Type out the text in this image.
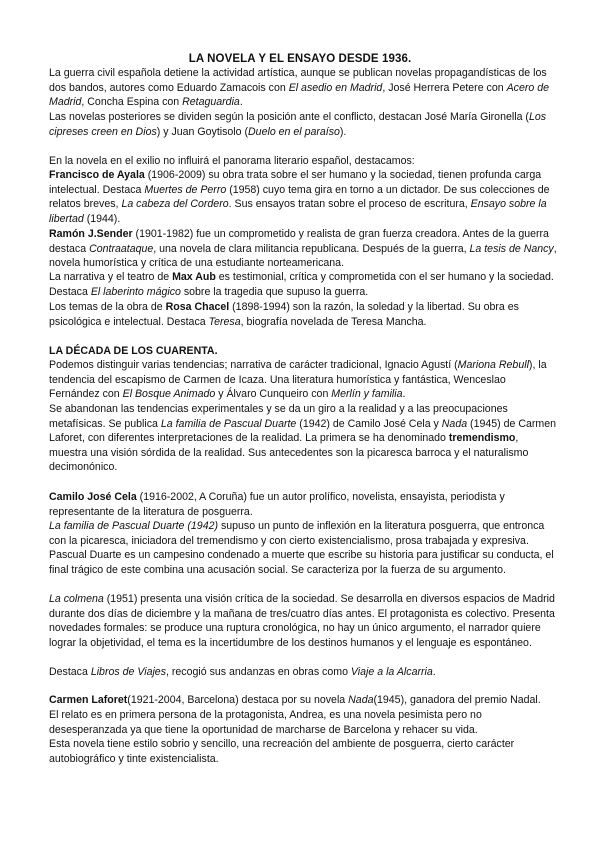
LA NOVELA Y EL ENSAYO DESDE 1936.

La guerra civil española detiene la actividad artística, aunque se publican novelas propagandísticas de los dos bandos, autores como Eduardo Zamacois con El asedio en Madrid, José Herrera Petere con Acero de Madrid, Concha Espina con Retaguardia.

Las novelas posteriores se dividen según la posición ante el conflicto, destacan José María Gironella (Los cipreses creen en Dios) y Juan Goytisolo (Duelo en el paraíso).

En la novela en el exilio no influirá el panorama literario español, destacamos:

Francisco de Ayala (1906-2009) su obra trata sobre el ser humano y la sociedad, tienen profunda carga intelectual. Destaca Muertes de Perro (1958) cuyo tema gira en torno a un dictador. De sus colecciones de relatos breves, La cabeza del Cordero. Sus ensayos tratan sobre el proceso de escritura, Ensayo sobre la libertad (1944).

Ramón J.Sender (1901-1982) fue un comprometido y realista de gran fuerza creadora. Antes de la guerra destaca Contraataque, una novela de clara militancia republicana. Después de la guerra, La tesis de Nancy, novela humorística y crítica de una estudiante norteamericana.

La narrativa y el teatro de Max Aub es testimonial, crítica y comprometida con el ser humano y la sociedad. Destaca El laberinto mágico sobre la tragedia que supuso la guerra.

Los temas de la obra de Rosa Chacel (1898-1994) son la razón, la soledad y la libertad. Su obra es psicológica e intelectual. Destaca Teresa, biografía novelada de Teresa Mancha.

LA DÉCADA DE LOS CUARENTA.

Podemos distinguir varias tendencias; narrativa de carácter tradicional, Ignacio Agustí (Mariona Rebull), la tendencia del escapismo de Carmen de Icaza. Una literatura humorística y fantástica, Wenceslao Fernández con El Bosque Animado y Álvaro Cunqueiro con Merlín y familia.

Se abandonan las tendencias experimentales y se da un giro a la realidad y a las preocupaciones metafísicas. Se publica La familia de Pascual Duarte (1942) de Camilo José Cela y Nada (1945) de Carmen Laforet, con diferentes interpretaciones de la realidad. La primera se ha denominado tremendismo, muestra una visión sórdida de la realidad. Sus antecedentes son la picaresca barroca y el naturalismo decimonónico.

Camilo José Cela (1916-2002, A Coruña) fue un autor prolífico, novelista, ensayista, periodista y representante de la literatura de posguerra.

La familia de Pascual Duarte (1942) supuso un punto de inflexión en la literatura posguerra, que entronca con la picaresca, iniciadora del tremendismo y con cierto existencialismo, prosa trabajada y expresiva. Pascual Duarte es un campesino condenado a muerte que escribe su historia para justificar su conducta, el final trágico de este combina una acusación social. Se caracteriza por la fuerza de su argumento.

La colmena (1951) presenta una visión crítica de la sociedad. Se desarrolla en diversos espacios de Madrid durante dos días de diciembre y la mañana de tres/cuatro días antes. El protagonista es colectivo. Presenta novedades formales: se produce una ruptura cronológica, no hay un único argumento, el narrador quiere lograr la objetividad, el tema es la incertidumbre de los destinos humanos y el lenguaje es espontáneo.

Destaca Libros de Viajes, recogió sus andanzas en obras como Viaje a la Alcarria.

Carmen Laforet(1921-2004, Barcelona) destaca por su novela Nada(1945), ganadora del premio Nadal.

El relato es en primera persona de la protagonista, Andrea, es una novela pesimista pero no desesperanzada ya que tiene la oportunidad de marcharse de Barcelona y rehacer su vida.

Esta novela tiene estilo sobrio y sencillo, una recreación del ambiente de posguerra, cierto carácter autobiográfico y tinte existencialista.
